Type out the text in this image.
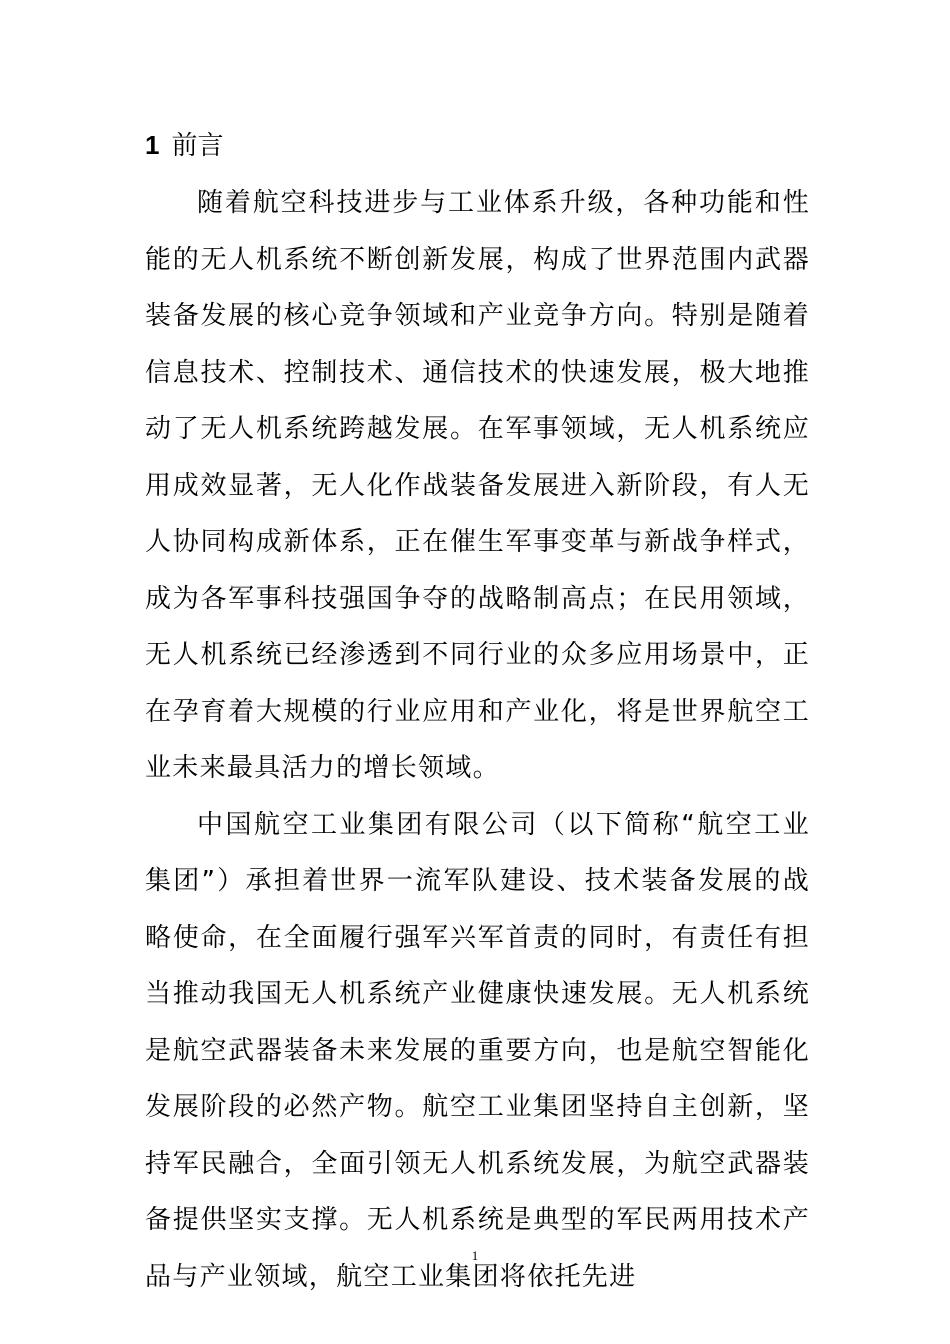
1 前言

随着航空科技进步与工业体系升级，各种功能和性能的无人机系统不断创新发展，构成了世界范围内武器装备发展的核心竞争领域和产业竞争方向。特别是随着信息技术、控制技术、通信技术的快速发展，极大地推动了无人机系统跨越发展。在军事领域，无人机系统应用成效显著，无人化作战装备发展进入新阶段，有人无人协同构成新体系，正在催生军事变革与新战争样式，成为各军事科技强国争夺的战略制高点；在民用领域，无人机系统已经渗透到不同行业的众多应用场景中，正在孕育着大规模的行业应用和产业化，将是世界航空工业未来最具活力的增长领域。

中国航空工业集团有限公司（以下简称“航空工业集团”）承担着世界一流军队建设、技术装备发展的战略使命，在全面履行强军兴军首责的同时，有责任有担当推动我国无人机系统产业健康快速发展。无人机系统是航空武器装备未来发展的重要方向，也是航空智能化发展阶段的必然产物。航空工业集团坚持自主创新，坚持军民融合，全面引领无人机系统发展，为航空武器装备提供坚实支撑。无人机系统是典型的军民两用技术产品与产业领域，航空工业集团将依托先进

1
